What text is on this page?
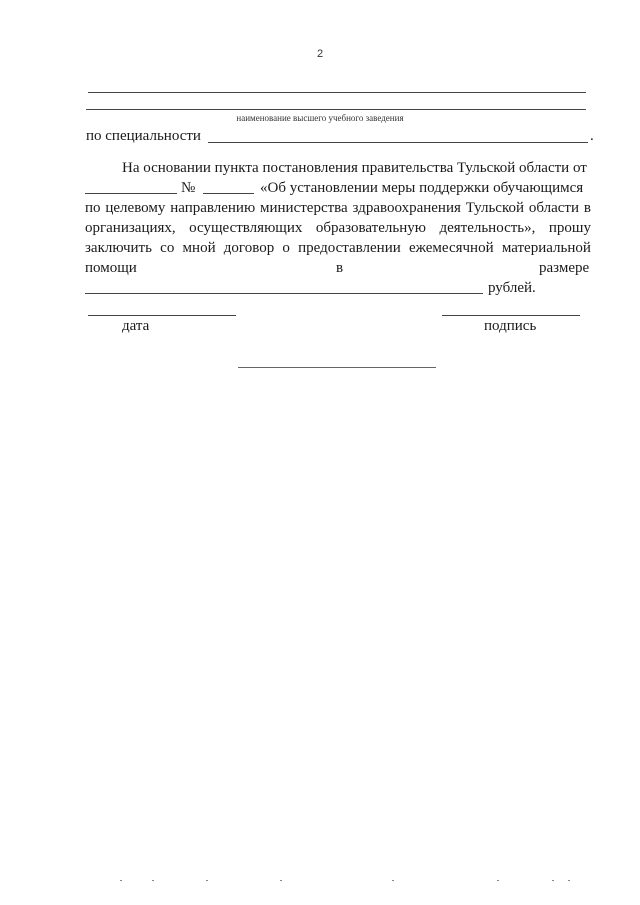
2
наименование высшего учебного заведения
по специальности	.
На основании пункта постановления правительства Тульской области от
№	«Об установлении меры поддержки обучающимся
по целевому направлению министерства здравоохранения Тульской области в
организациях, осуществляющих образовательную деятельность», прошу
заключить со мной договор о предоставлении ежемесячной материальной
помощи	в	размере
рублей.
дата	подпись
